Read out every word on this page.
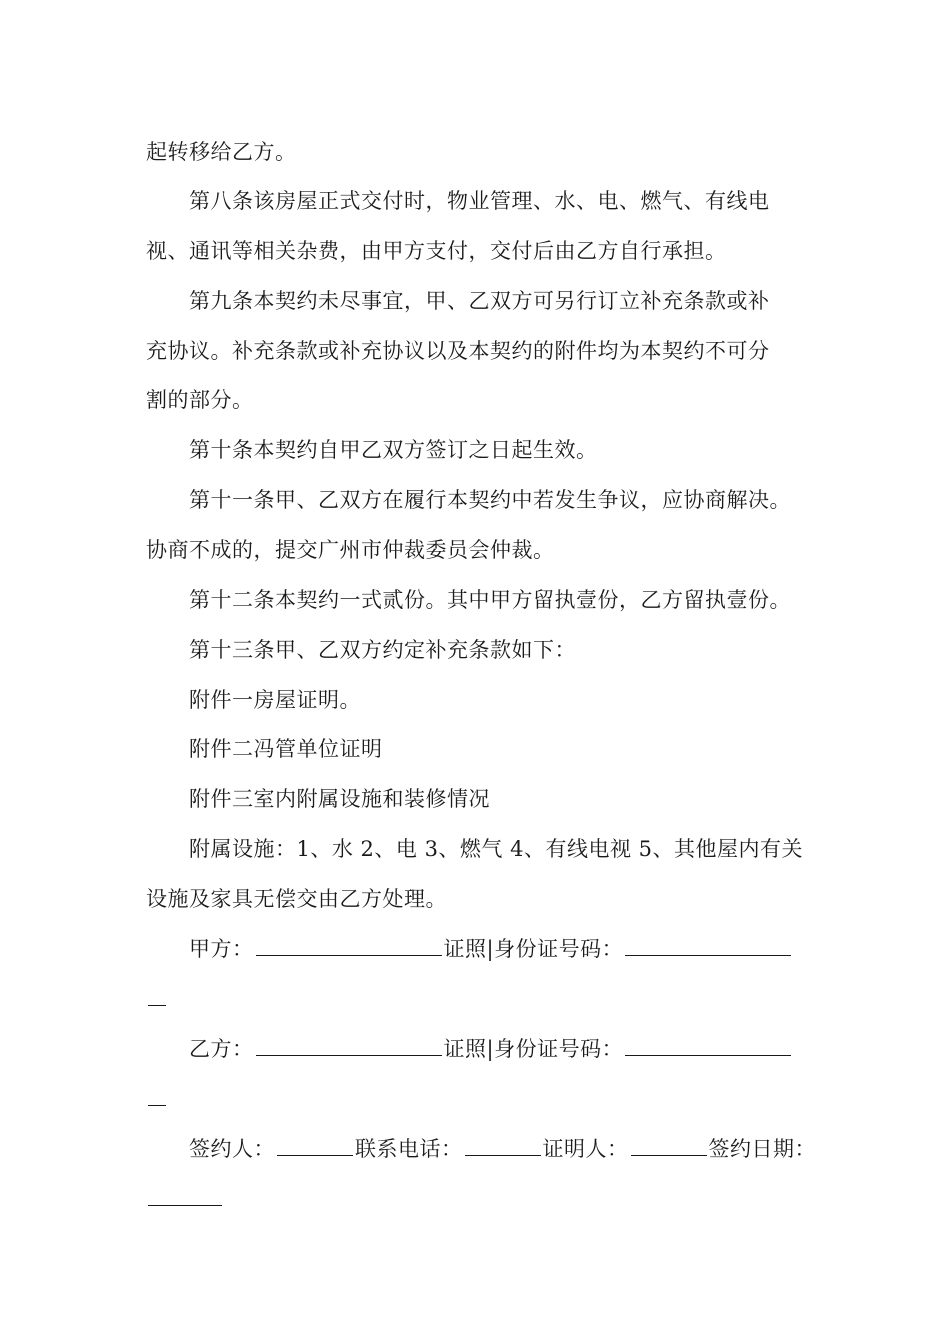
起转移给乙方。
第八条该房屋正式交付时，物业管理、水、电、燃气、有线电
视、通讯等相关杂费，由甲方支付，交付后由乙方自行承担。
第九条本契约未尽事宜，甲、乙双方可另行订立补充条款或补
充协议。补充条款或补充协议以及本契约的附件均为本契约不可分
割的部分。
第十条本契约自甲乙双方签订之日起生效。
第十一条甲、乙双方在履行本契约中若发生争议，应协商解决。
协商不成的，提交广州市仲裁委员会仲裁。
第十二条本契约一式贰份。其中甲方留执壹份，乙方留执壹份。
第十三条甲、乙双方约定补充条款如下：
附件一房屋证明。
附件二冯管单位证明
附件三室内附属设施和装修情况
附属设施：1、水 2、电 3、燃气 4、有线电视 5、其他屋内有关
设施及家具无偿交由乙方处理。
甲方：	证照|身份证号码：
乙方：	证照|身份证号码：
签约人：	联系电话：	证明人：	签约日期：
